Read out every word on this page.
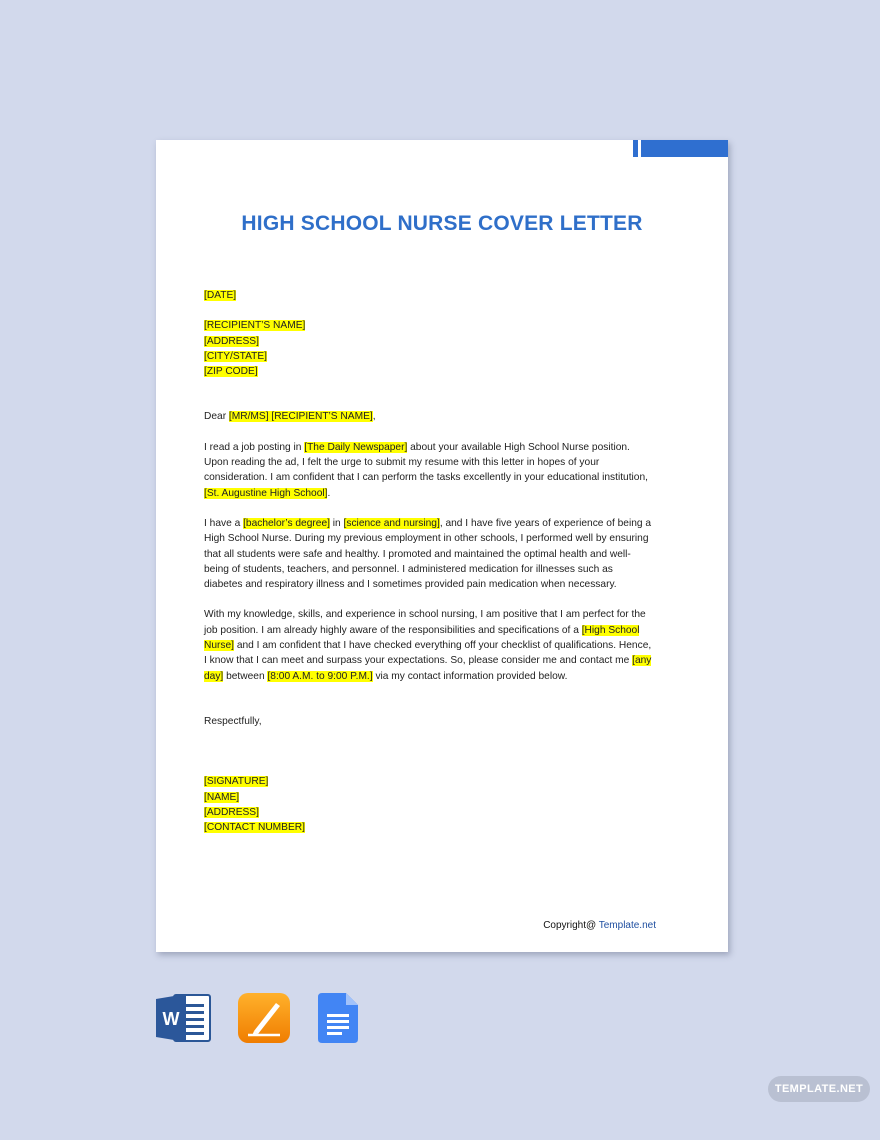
HIGH SCHOOL NURSE COVER LETTER
[DATE]
[RECIPIENT’S NAME]
[ADDRESS]
[CITY/STATE]
[ZIP CODE]
Dear [MR/MS] [RECIPIENT’S NAME],

I read a job posting in [The Daily Newspaper] about your available High School Nurse position. Upon reading the ad, I felt the urge to submit my resume with this letter in hopes of your consideration. I am confident that I can perform the tasks excellently in your educational institution, [St. Augustine High School].

I have a [bachelor’s degree] in [science and nursing], and I have five years of experience of being a High School Nurse. During my previous employment in other schools, I performed well by ensuring that all students were safe and healthy. I promoted and maintained the optimal health and well-being of students, teachers, and personnel. I administered medication for illnesses such as diabetes and respiratory illness and I sometimes provided pain medication when necessary.

With my knowledge, skills, and experience in school nursing, I am positive that I am perfect for the job position. I am already highly aware of the responsibilities and specifications of a [High School Nurse] and I am confident that I have checked everything off your checklist of qualifications. Hence, I know that I can meet and surpass your expectations. So, please consider me and contact me [any day] between [8:00 A.M. to 9:00 P.M.] via my contact information provided below.

Respectfully,
[SIGNATURE]
[NAME]
[ADDRESS]
[CONTACT NUMBER]
Copyright@ Template.net
W
TEMPLATE.NET
